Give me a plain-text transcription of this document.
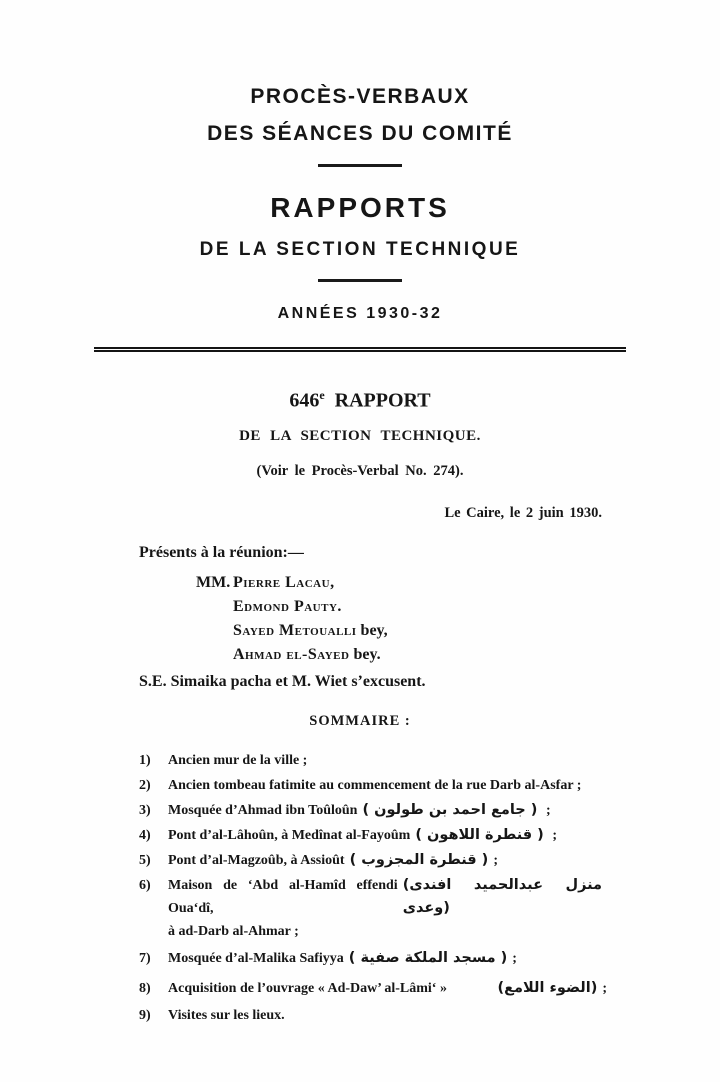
PROCÈS-VERBAUX
DES SÉANCES DU COMITÉ
RAPPORTS
DE LA SECTION TECHNIQUE
ANNÉES 1930-32
646e RAPPORT
DE LA SECTION TECHNIQUE.
(Voir le Procès-Verbal No. 274).
Le Caire, le 2 juin 1930.
Présents à la réunion:—
MM. Pierre Lacau,
Edmond Pauty.
Sayed Metoualli bey,
Ahmad el-Sayed bey.
S.E. Simaika pacha et M. Wiet s’excusent.
SOMMAIRE :
1) Ancien mur de la ville ;
2) Ancien tombeau fatimite au commencement de la rue Darb al-Asfar ;
3) Mosquée d’Ahmad ibn Toûloûn ( جامع احمد بن طولون ) ;
4) Pont d’al-Lâhoûn, à Medînat al-Fayoûm ( قنطرة اللاهون ) ;
5) Pont d’al-Magzoûb, à Assioût ( قنطرة المجزوب ) ;
6) Maison de ‘Abd al-Hamîd effendi Oua‘dî,
(منزل عبدالحميد افندى وعدى)
à ad-Darb al-Ahmar ;
7) Mosquée d’al-Malika Safiyya ( مسجد الملكة صفية ) ;
8) Acquisition de l’ouvrage « Ad-Daw’ al-Lâmi‘ »	(الضوء اللامع) ;
9) Visites sur les lieux.
